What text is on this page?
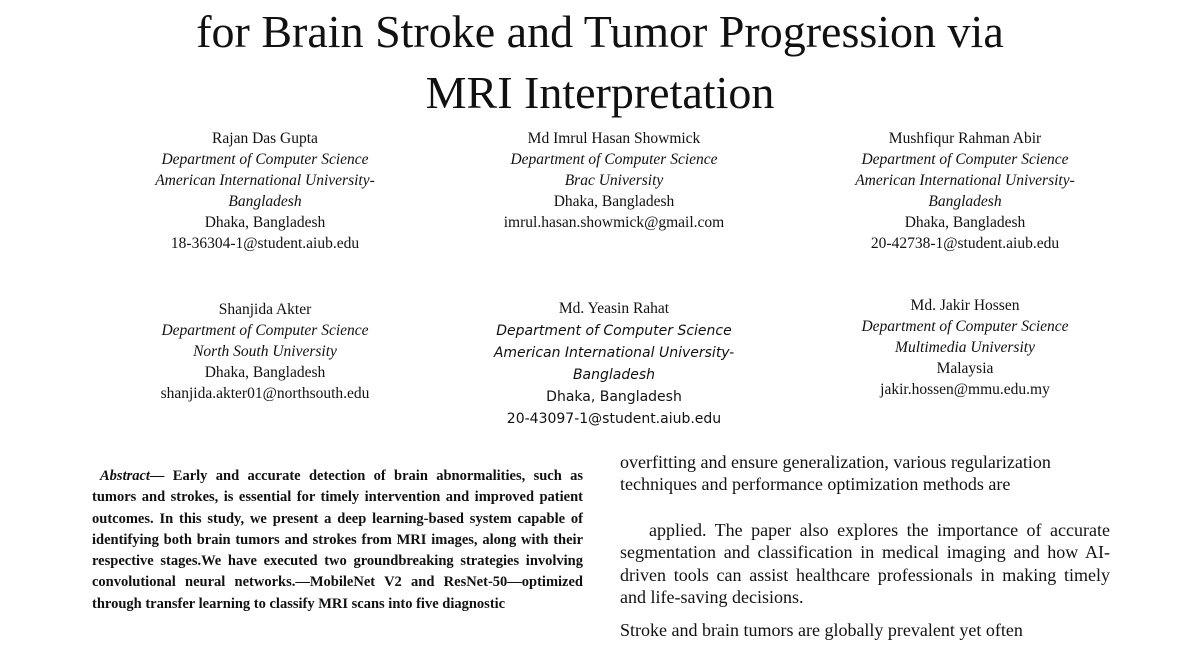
for Brain Stroke and Tumor Progression via
MRI Interpretation
Rajan Das Gupta
Department of Computer Science
American International University-Bangladesh
Dhaka, Bangladesh
18-36304-1@student.aiub.edu
Md Imrul Hasan Showmick
Department of Computer Science
Brac University
Dhaka, Bangladesh
imrul.hasan.showmick@gmail.com
Mushfiqur Rahman Abir
Department of Computer Science
American International University-Bangladesh
Dhaka, Bangladesh
20-42738-1@student.aiub.edu
Shanjida Akter
Department of Computer Science
North South University
Dhaka, Bangladesh
shanjida.akter01@northsouth.edu
Md. Yeasin Rahat
Department of Computer Science
American International University-Bangladesh
Dhaka, Bangladesh
20-43097-1@student.aiub.edu
Md. Jakir Hossen
Department of Computer Science
Multimedia University
Malaysia
jakir.hossen@mmu.edu.my
Abstract— Early and accurate detection of brain abnormalities, such as tumors and strokes, is essential for timely intervention and improved patient outcomes. In this study, we present a deep learning-based system capable of identifying both brain tumors and strokes from MRI images, along with their respective stages.We have executed two groundbreaking strategies involving convolutional neural networks.—MobileNet V2 and ResNet-50—optimized through transfer learning to classify MRI scans into five diagnostic
overfitting and ensure generalization, various regularization techniques and performance optimization methods are
applied. The paper also explores the importance of accurate segmentation and classification in medical imaging and how AI-driven tools can assist healthcare professionals in making timely and life-saving decisions.
Stroke and brain tumors are globally prevalent yet often
